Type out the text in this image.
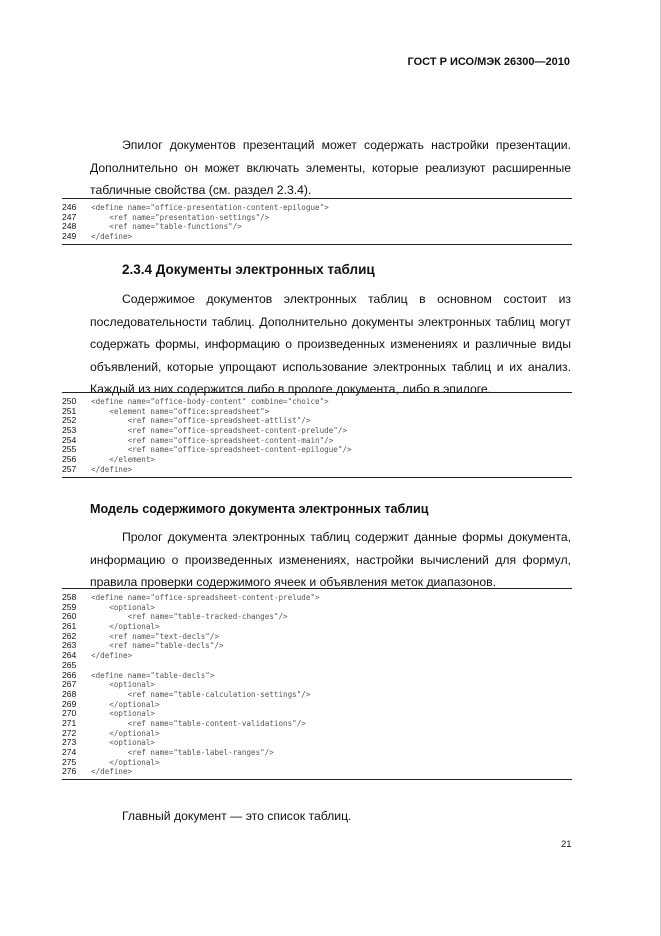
ГОСТ Р ИСО/МЭК 26300—2010
Эпилог документов презентаций может содержать настройки презентации. Дополнительно он может включать элементы, которые реализуют расширенные табличные свойства (см. раздел 2.3.4).
246	<define name="office-presentation-content-epilogue">
247	<ref name="presentation-settings"/>
248	<ref name="table-functions"/>
249	</define>
2.3.4 Документы электронных таблиц
Содержимое документов электронных таблиц в основном состоит из последовательности таблиц. Дополнительно документы электронных таблиц могут содержать формы, информацию о произведенных изменениях и различные виды объявлений, которые упрощают использование электронных таблиц и их анализ. Каждый из них содержится либо в прологе документа, либо в эпилоге.
250	<define name="office-body-content" combine="choice">
251	<element name="office:spreadsheet">
252	<ref name="office-spreadsheet-attlist"/>
253	<ref name="office-spreadsheet-content-prelude"/>
254	<ref name="office-spreadsheet-content-main"/>
255	<ref name="office-spreadsheet-content-epilogue"/>
256	</element>
257	</define>
Модель содержимого документа электронных таблиц
Пролог документа электронных таблиц содержит данные формы документа, информацию о произведенных изменениях, настройки вычислений для формул, правила проверки содержимого ячеек и объявления меток диапазонов.
258	<define name="office-spreadsheet-content-prelude">
259	<optional>
260	<ref name="table-tracked-changes"/>
261	</optional>
262	<ref name="text-decls"/>
263	<ref name="table-decls"/>
264	</define>
265
266	<define name="table-decls">
267	<optional>
268	<ref name="table-calculation-settings"/>
269	</optional>
270	<optional>
271	<ref name="table-content-validations"/>
272	</optional>
273	<optional>
274	<ref name="table-label-ranges"/>
275	</optional>
276	</define>
Главный документ — это список таблиц.
21
